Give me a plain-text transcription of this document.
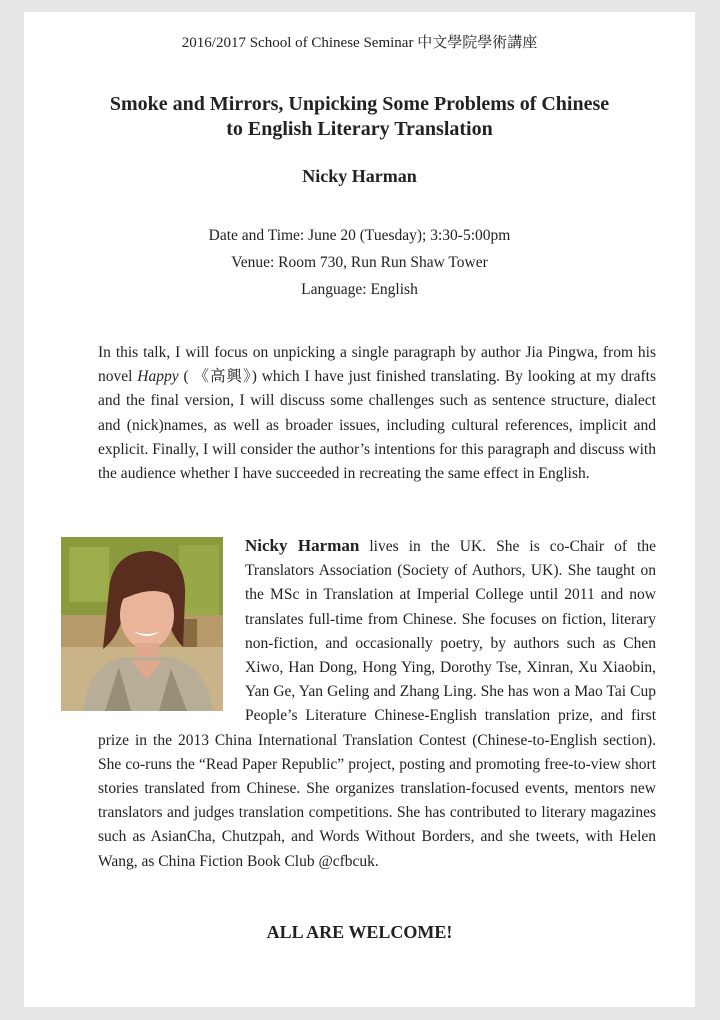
2016/2017 School of Chinese Seminar 中文學院學術講座
Smoke and Mirrors, Unpicking Some Problems of Chinese
to English Literary Translation
Nicky Harman
Date and Time: June 20 (Tuesday); 3:30-5:00pm
Venue: Room 730, Run Run Shaw Tower
Language: English
In this talk, I will focus on unpicking a single paragraph by author Jia Pingwa, from his novel Happy ( 《高興》) which I have just finished translating. By looking at my drafts and the final version, I will discuss some challenges such as sentence structure, dialect and (nick)names, as well as broader issues, including cultural references, implicit and explicit. Finally, I will consider the author’s intentions for this paragraph and discuss with the audience whether I have succeeded in recreating the same effect in English.
Nicky Harman lives in the UK. She is co-Chair of the Translators Association (Society of Authors, UK). She taught on the MSc in Translation at Imperial College until 2011 and now translates full-time from Chinese. She focuses on fiction, literary non-fiction, and occasionally poetry, by authors such as Chen Xiwo, Han Dong, Hong Ying, Dorothy Tse, Xinran, Xu Xiaobin, Yan Ge, Yan Geling and Zhang Ling. She has won a Mao Tai Cup People’s Literature Chinese-English translation prize, and first prize in the 2013 China International Translation Contest (Chinese-to-English section). She co-runs the “Read Paper Republic” project, posting and promoting free-to-view short stories translated from Chinese. She organizes translation-focused events, mentors new translators and judges translation competitions. She has contributed to literary magazines such as AsianCha, Chutzpah, and Words Without Borders, and she tweets, with Helen Wang, as China Fiction Book Club @cfbcuk.
ALL ARE WELCOME!
